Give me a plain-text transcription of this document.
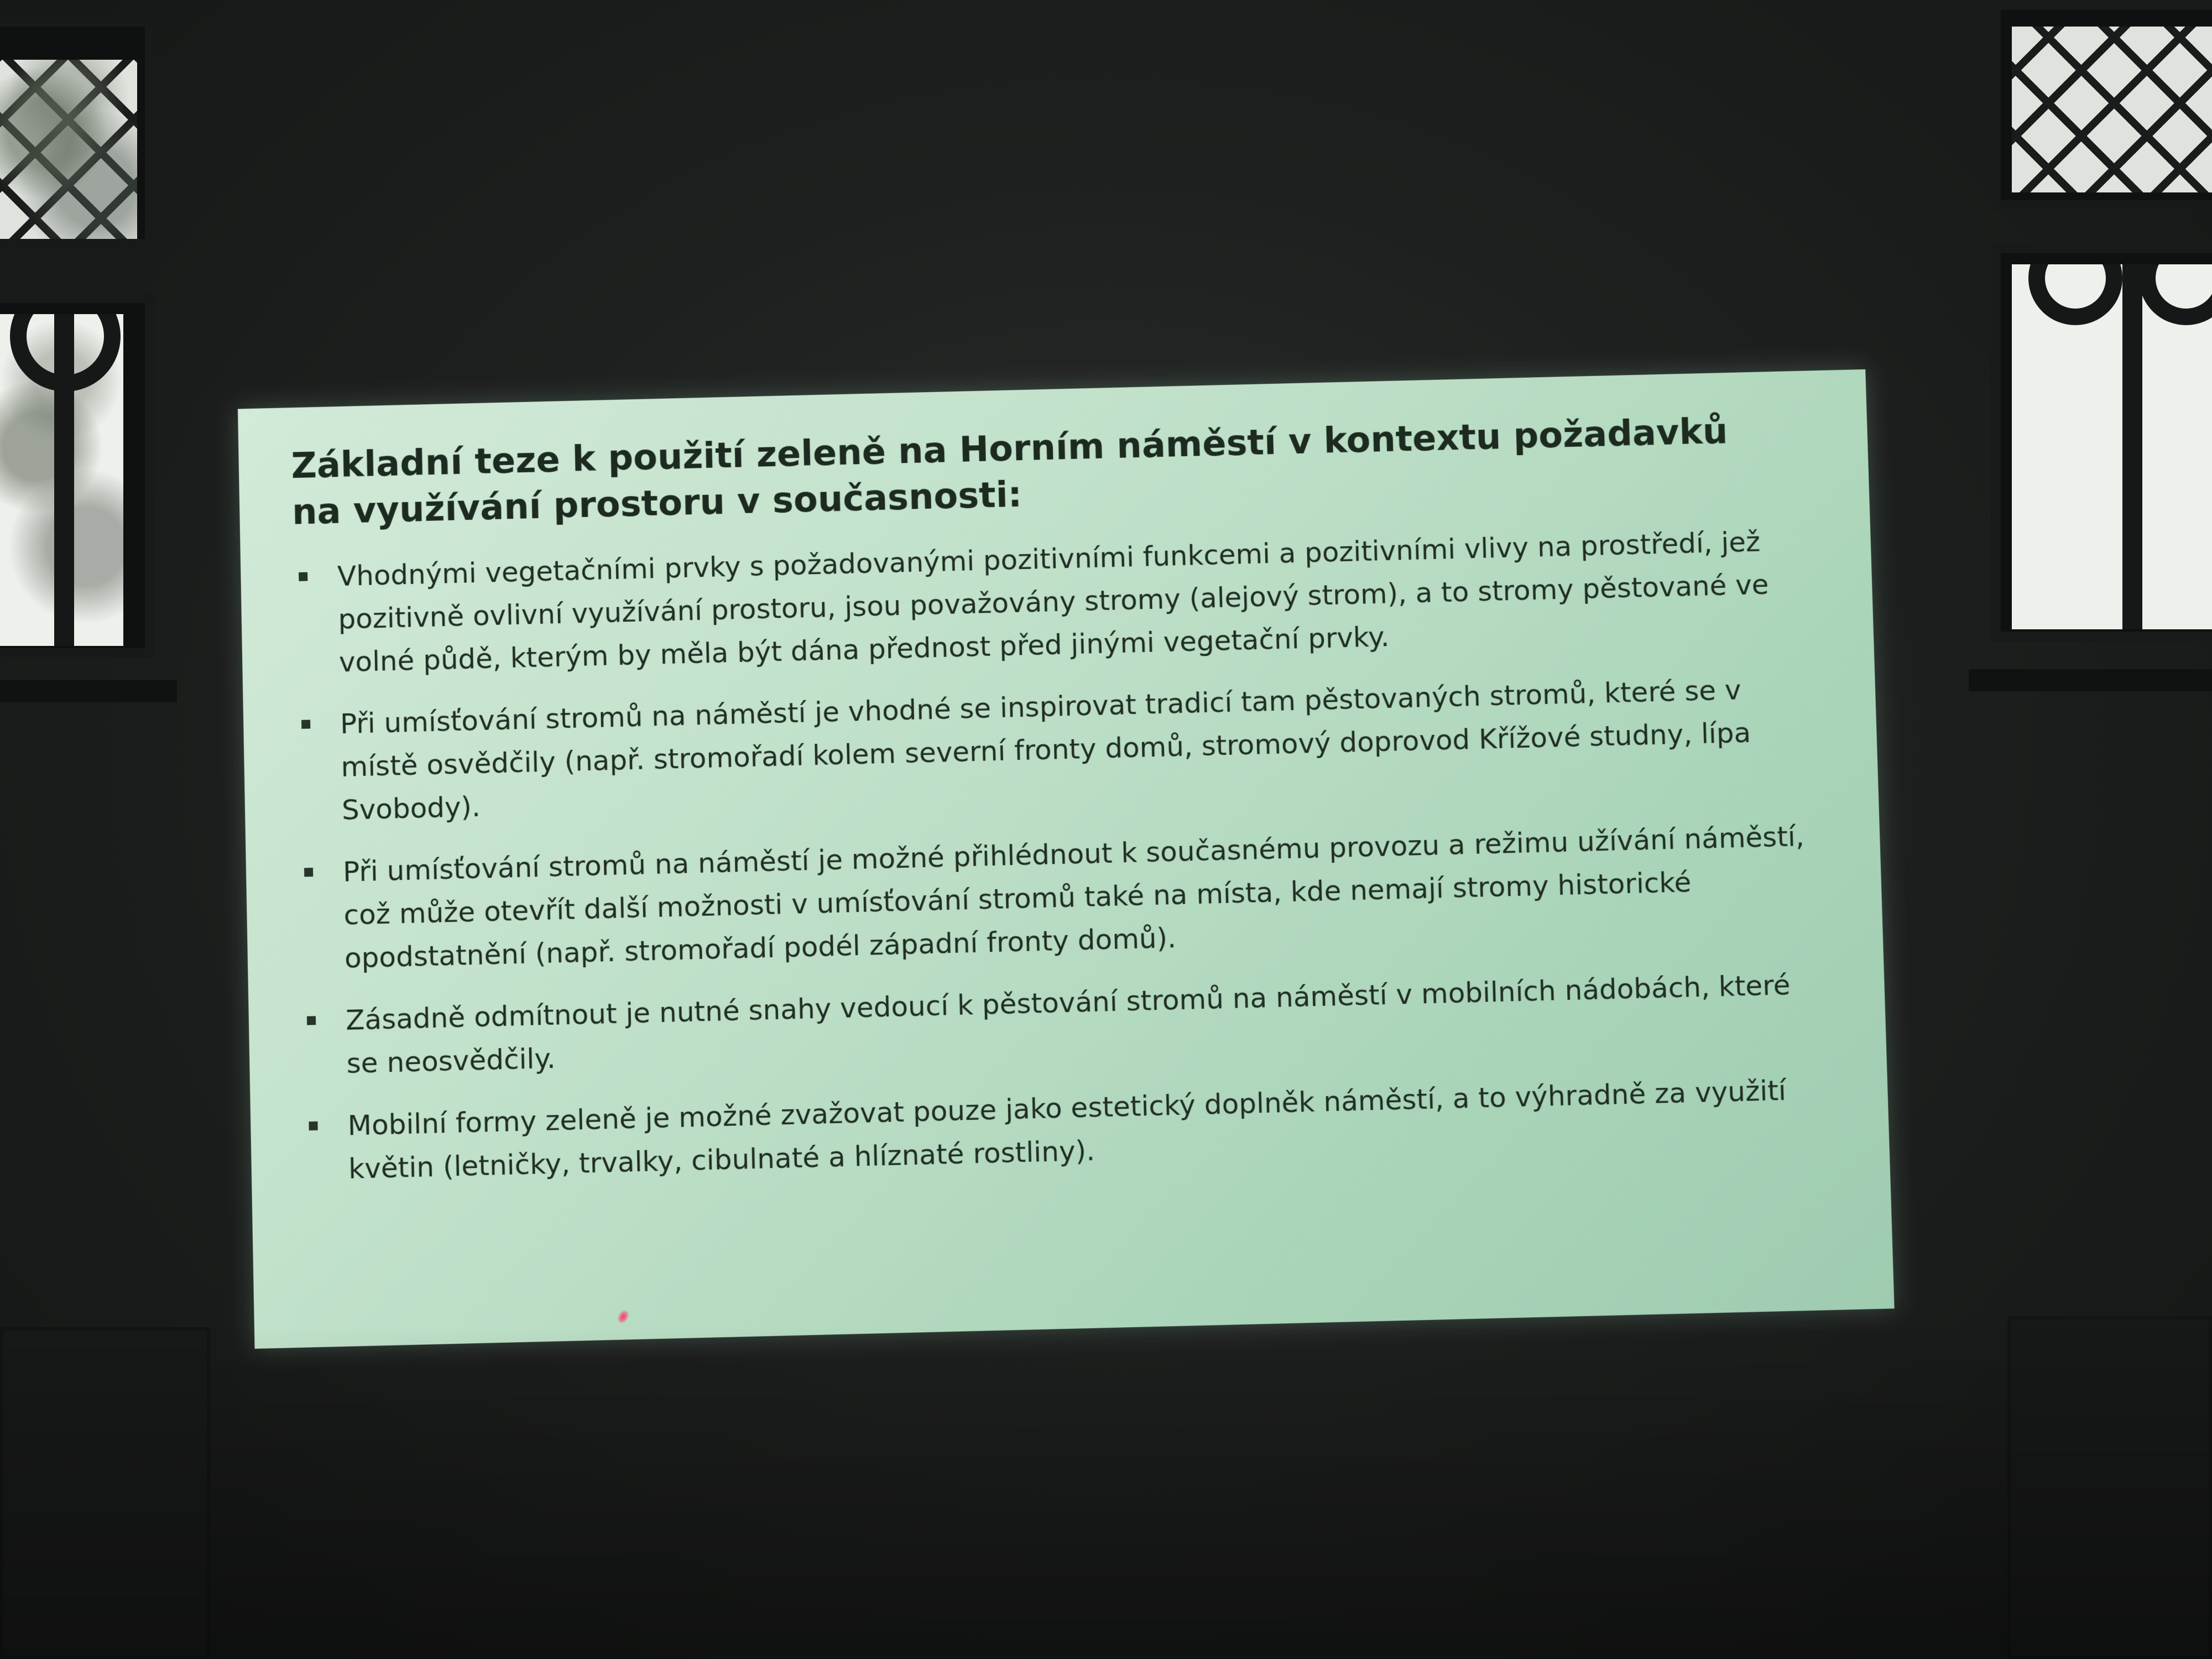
Základní teze k použití zeleně na Horním náměstí v kontextu požadavků na využívání prostoru v současnosti:
Vhodnými vegetačními prvky s požadovanými pozitivními funkcemi a pozitivními vlivy na prostředí, jež pozitivně ovlivní využívání prostoru, jsou považovány stromy (alejový strom), a to stromy pěstované ve volné půdě, kterým by měla být dána přednost před jinými vegetační prvky.
Při umísťování stromů na náměstí je vhodné se inspirovat tradicí tam pěstovaných stromů, které se v místě osvědčily (např. stromořadí kolem severní fronty domů, stromový doprovod Křížové studny, lípa Svobody).
Při umísťování stromů na náměstí je možné přihlédnout k současnému provozu a režimu užívání náměstí, což může otevřít další možnosti v umísťování stromů také na místa, kde nemají stromy historické opodstatnění (např. stromořadí podél západní fronty domů).
Zásadně odmítnout je nutné snahy vedoucí k pěstování stromů na náměstí v mobilních nádobách, které se neosvědčily.
Mobilní formy zeleně je možné zvažovat pouze jako estetický doplněk náměstí, a to výhradně za využití květin (letničky, trvalky, cibulnaté a hlíznaté rostliny).
